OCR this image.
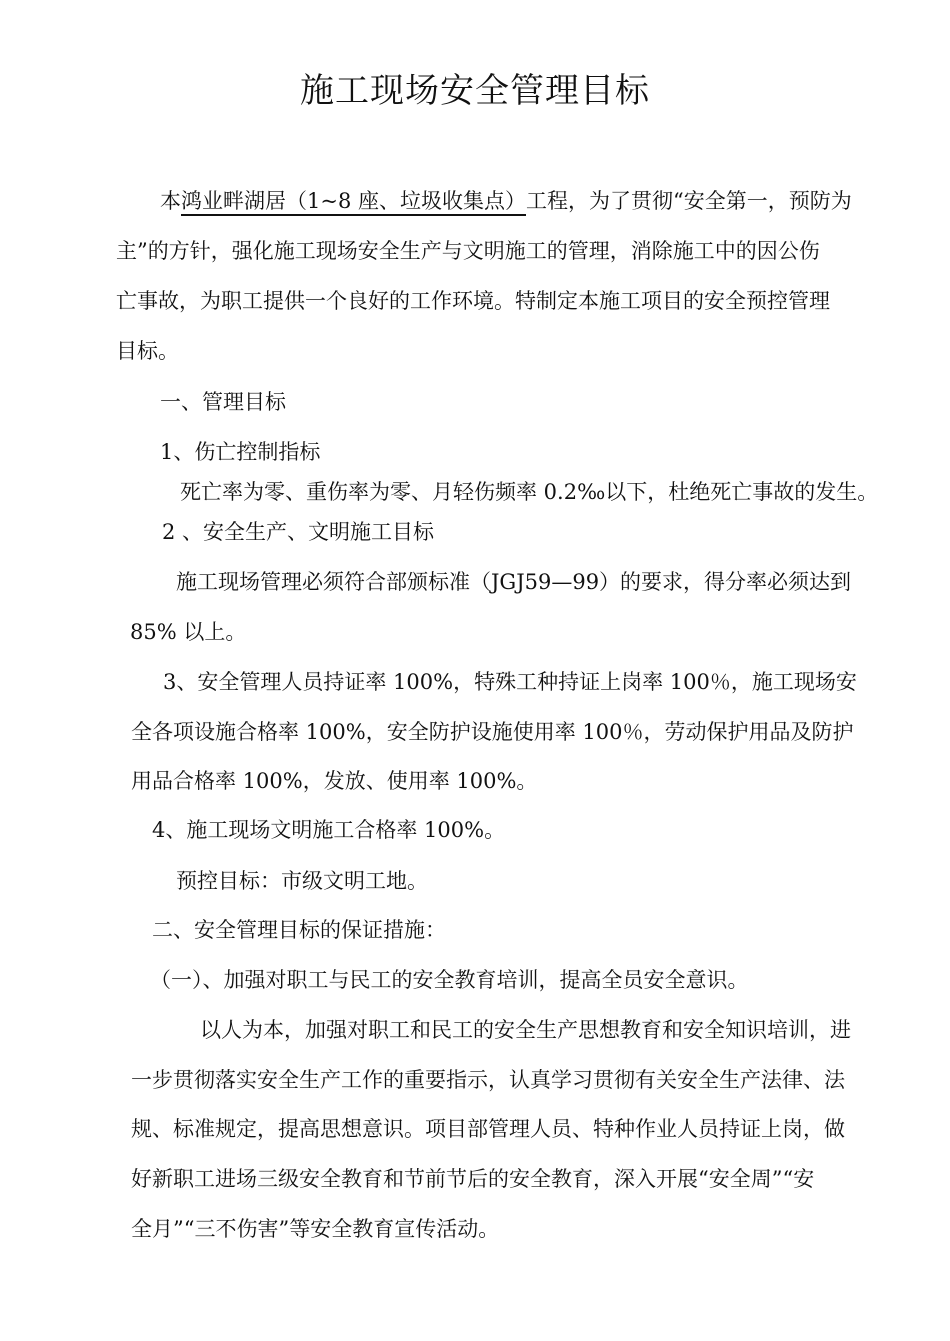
施工现场安全管理目标
本鸿业畔湖居（1~8 座、垃圾收集点）工程，为了贯彻“安全第一，预防为
主”的方针，强化施工现场安全生产与文明施工的管理，消除施工中的因公伤
亡事故，为职工提供一个良好的工作环境。特制定本施工项目的安全预控管理
目标。
一、管理目标
1、伤亡控制指标
死亡率为零、重伤率为零、月轻伤频率 0.2‰以下，杜绝死亡事故的发生。
2 、安全生产、文明施工目标
施工现场管理必须符合部颁标准（JGJ59—99）的要求，得分率必须达到
85% 以上。
3、安全管理人员持证率 100%，特殊工种持证上岗率 100％，施工现场安
全各项设施合格率 100%，安全防护设施使用率 100％，劳动保护用品及防护
用品合格率 100%，发放、使用率 100%。
4、施工现场文明施工合格率 100%。
预控目标：市级文明工地。
二、安全管理目标的保证措施：
（一）、加强对职工与民工的安全教育培训，提高全员安全意识。
以人为本，加强对职工和民工的安全生产思想教育和安全知识培训，进
一步贯彻落实安全生产工作的重要指示，认真学习贯彻有关安全生产法律、法
规、标准规定，提高思想意识。项目部管理人员、特种作业人员持证上岗，做
好新职工进场三级安全教育和节前节后的安全教育，深入开展“安全周”“安
全月”“三不伤害”等安全教育宣传活动。
